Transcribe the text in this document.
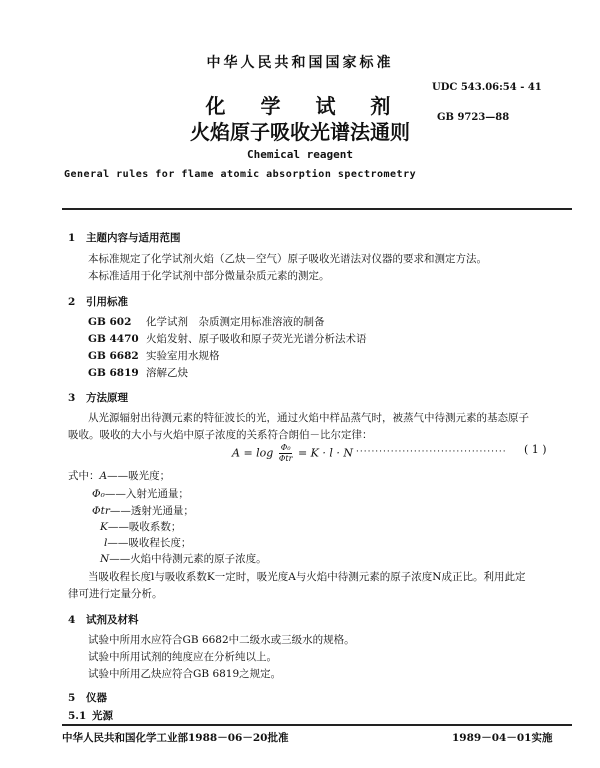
中华人民共和国国家标准
UDC 543.06:54 - 41
GB 9723—88
化 学 试 剂
火焰原子吸收光谱法通则
Chemical reagent
General rules for flame atomic absorption spectrometry
1 主题内容与适用范围
本标准规定了化学试剂火焰（乙炔－空气）原子吸收光谱法对仪器的要求和测定方法。
本标准适用于化学试剂中部分微量杂质元素的测定。
2 引用标准
GB 602 化学试剂　杂质测定用标准溶液的制备
GB 4470 火焰发射、原子吸收和原子荧光光谱分析法术语
GB 6682 实验室用水规格
GB 6819 溶解乙炔
3 方法原理
从光源辐射出待测元素的特征波长的光，通过火焰中样品蒸气时，被蒸气中待测元素的基态原子
吸收。吸收的大小与火焰中原子浓度的关系符合朗伯－比尔定律：
$A = \log \frac{\text{Φ₀}}{\text{Φtr}} = K \cdot l \cdot N$ ······································· ( 1 )
式中：A——吸光度；
Φ₀——入射光通量；
Φtr——透射光通量；
K——吸收系数；
l——吸收程长度；
N——火焰中待测元素的原子浓度。
当吸收程长度l与吸收系数K一定时，吸光度A与火焰中待测元素的原子浓度N成正比。利用此定
律可进行定量分析。
4 试剂及材料
试验中所用水应符合GB 6682中二级水或三级水的规格。
试验中所用试剂的纯度应在分析纯以上。
试验中所用乙炔应符合GB 6819之规定。
5 仪器
5.1 光源
中华人民共和国化学工业部1988－06－20批准	1989－04－01实施
